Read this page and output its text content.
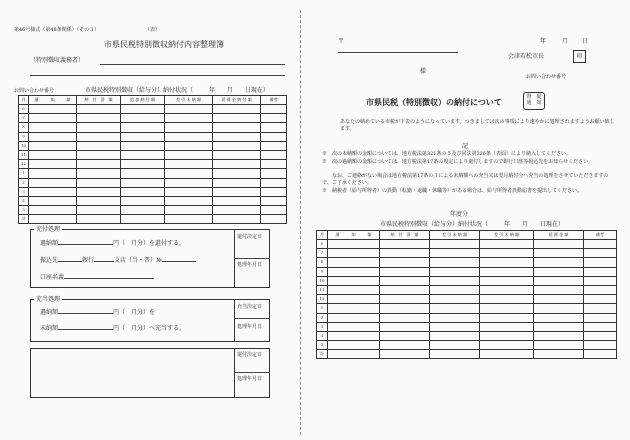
第46号様式（第48条関係）（その３）	（表）
市県民税特別徴収納付内容整理簿
（特別徴収義務者）
お問い合わせ番号	市県民税特別徴収（給与分）納付状況（	年 月 日現在）
月	通　　　知　　　額	納　付　済　額	追 加 納 付 額	差 引 未 納 額	延 滞 金 納 付 額	備考
６						
７						
８						
９						
10						
11						
12						
１						
２						
３						
４						
５						
計						
充付処理
還付決定日
処理年月日
過納額	円（　月分）を還付する。
振込先	銀行	支店（当・普）№
口座名義
充当処理
充当決定日
処理年月日
過納額	円（　月分）を
未納額	円（　月分）へ充当する。
還付決定日
処理年月日
〒	年	月 日
会津若松市長	印
様
お問い合わせ番号
市県民税（特別徴収）の納付について	督　促
通　知
あなたの納めている市税が下表のようになっています。つきましては次の事項により速やかに処理されますようお願い致します。
記
※　次の未納額の金額については、地方税法第321条の５及び同法第326条（表面）により納入してください。
※　次の過納額の金額については、地方税法第17条の規定により還付しますので銀行口座等振込先をお知らせください。
　　なお、ご連絡がない場合は地方税法第17条の３による未納額への充当又は翌月納付分へ充当の処理をさせていただきますので、ご了承ください。
※　納税者（給与所得者）の異動（転勤・退職・休職等）がある場合は、給与所得者異動届書を提出してください。
年度分
市県民税特別徴収（給与分）納付状況（	年 月 日現在）
月	通　　　知　　　額	納　付　済　額	差 引 未 納 額	差 引 未 納 額	延 滞 金 額	備考
６						
７						
８						
９						
10						
11						
12						
１						
２						
３						
４						
５						
計						
